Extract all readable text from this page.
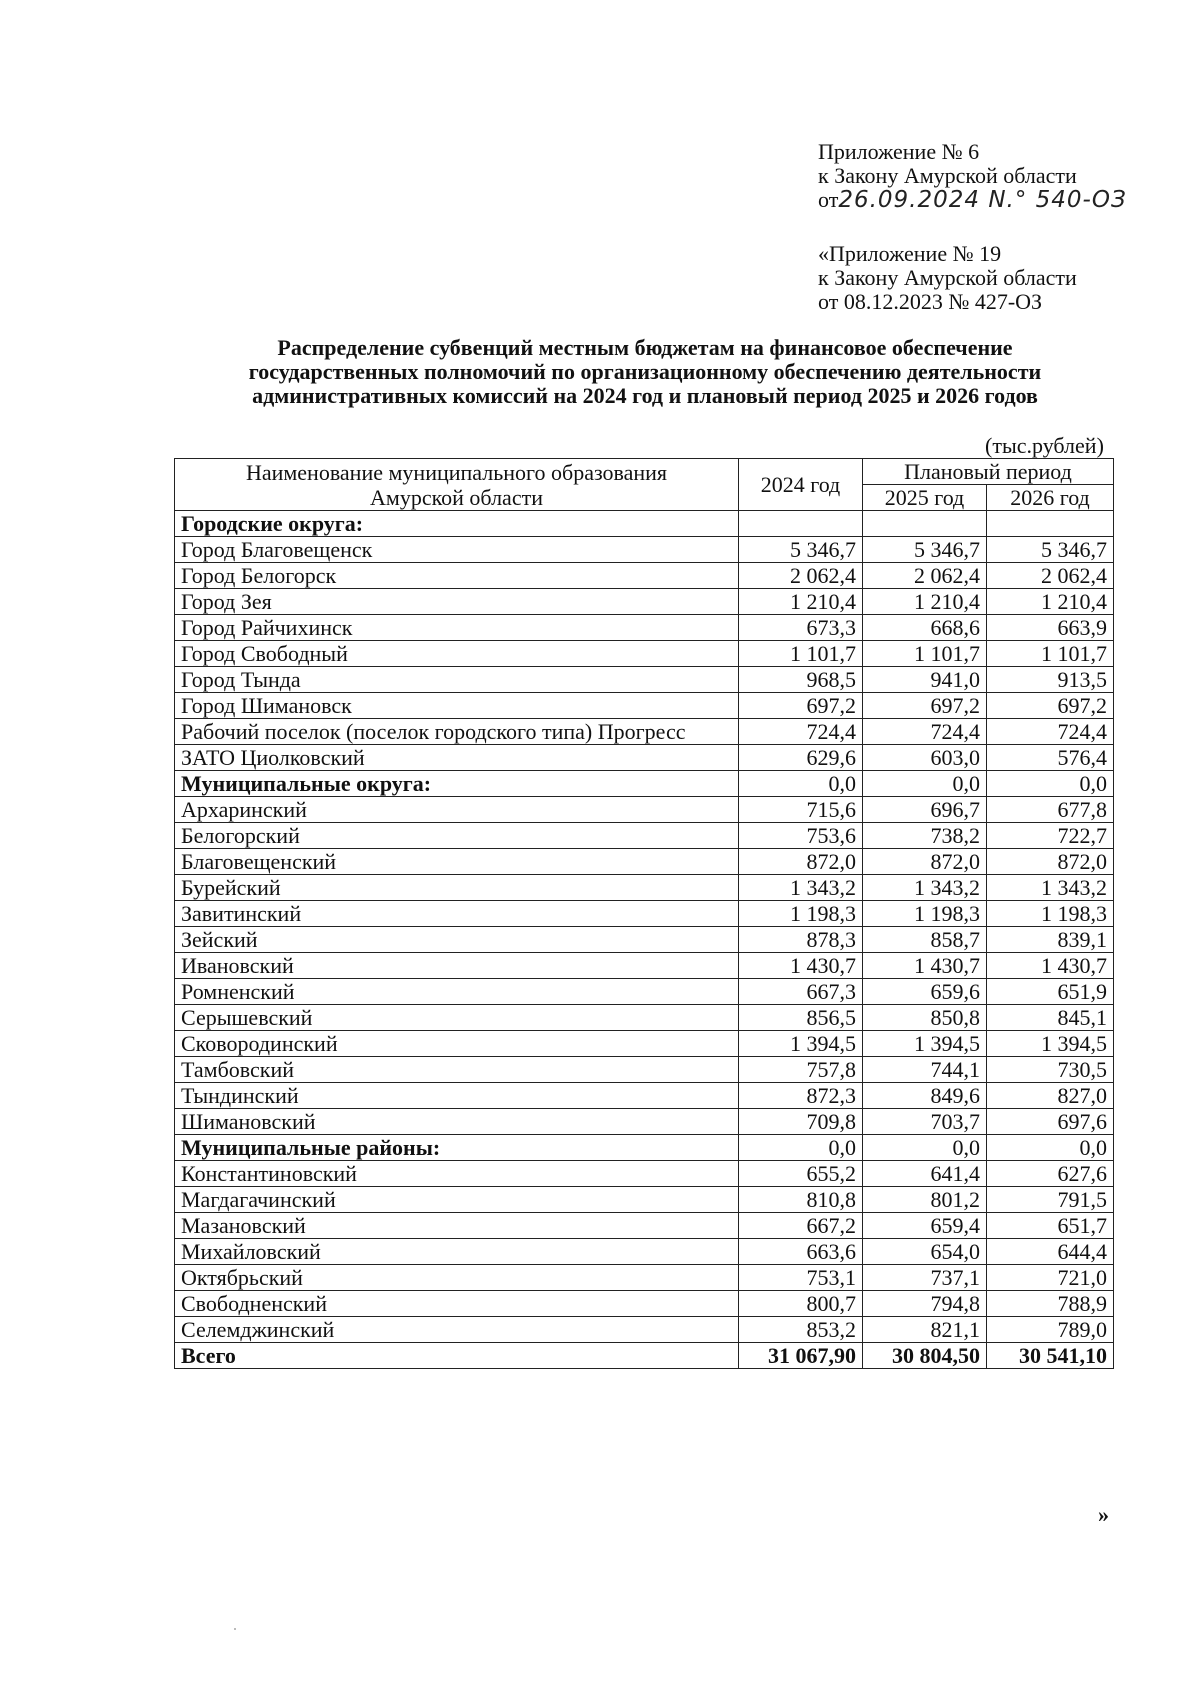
Приложение № 6
к Закону Амурской области
от26.09.2024 N.° 540-ОЗ
«Приложение № 19
к Закону Амурской области
от 08.12.2023 № 427-ОЗ
Распределение субвенций местным бюджетам на финансовое обеспечение
государственных полномочий по организационному обеспечению деятельности
административных комиссий на 2024 год и плановый период 2025 и 2026 годов
(тыс.рублей)
Наименование муниципального образования
Амурской области	2024 год	Плановый период	
		2025 год	2026 год
Городские округа:			
Город Благовещенск	5 346,7	5 346,7	5 346,7
Город Белогорск	2 062,4	2 062,4	2 062,4
Город Зея	1 210,4	1 210,4	1 210,4
Город Райчихинск	673,3	668,6	663,9
Город Свободный	1 101,7	1 101,7	1 101,7
Город Тында	968,5	941,0	913,5
Город Шимановск	697,2	697,2	697,2
Рабочий поселок (поселок городского типа) Прогресс	724,4	724,4	724,4
ЗАТО Циолковский	629,6	603,0	576,4
Муниципальные округа:	0,0	0,0	0,0
Архаринский	715,6	696,7	677,8
Белогорский	753,6	738,2	722,7
Благовещенский	872,0	872,0	872,0
Бурейский	1 343,2	1 343,2	1 343,2
Завитинский	1 198,3	1 198,3	1 198,3
Зейский	878,3	858,7	839,1
Ивановский	1 430,7	1 430,7	1 430,7
Ромненский	667,3	659,6	651,9
Серышевский	856,5	850,8	845,1
Сковородинский	1 394,5	1 394,5	1 394,5
Тамбовский	757,8	744,1	730,5
Тындинский	872,3	849,6	827,0
Шимановский	709,8	703,7	697,6
Муниципальные районы:	0,0	0,0	0,0
Константиновский	655,2	641,4	627,6
Магдагачинский	810,8	801,2	791,5
Мазановский	667,2	659,4	651,7
Михайловский	663,6	654,0	644,4
Октябрьский	753,1	737,1	721,0
Свободненский	800,7	794,8	788,9
Селемджинский	853,2	821,1	789,0
Всего	31 067,90	30 804,50	30 541,10
»
